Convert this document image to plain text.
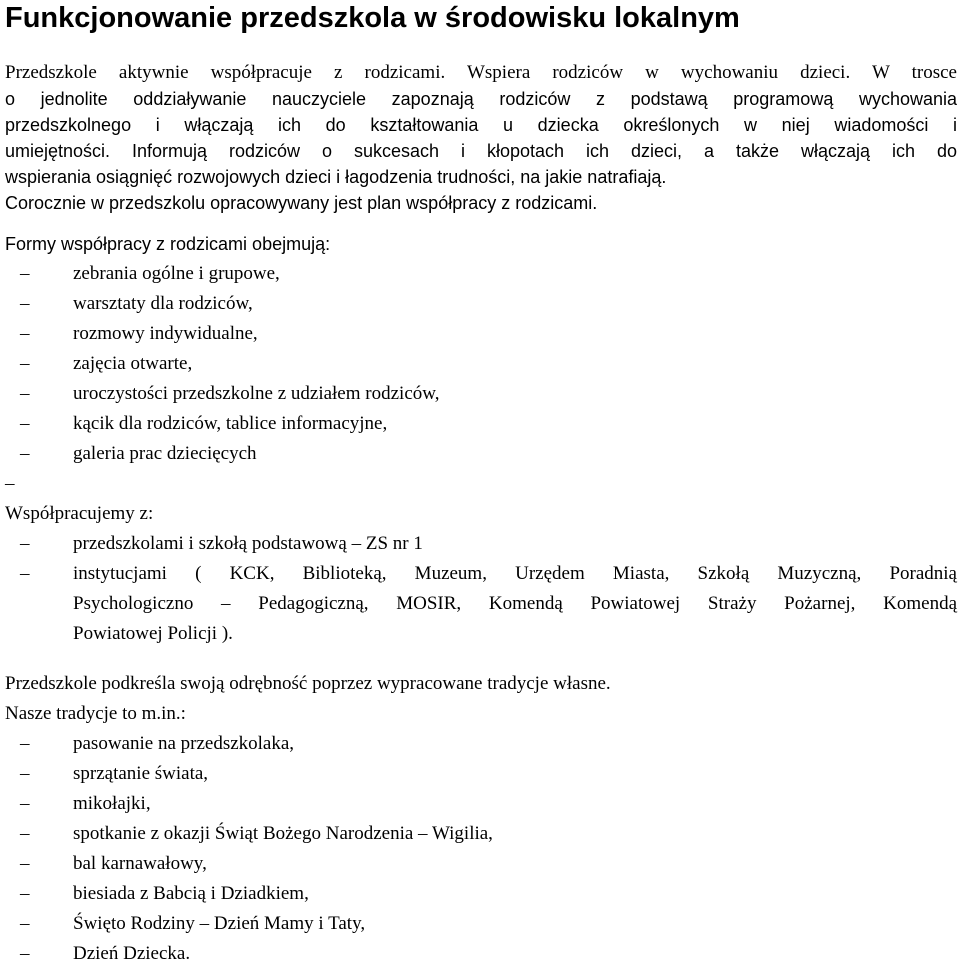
Funkcjonowanie przedszkola w środowisku lokalnym
Przedszkole aktywnie współpracuje z rodzicami. Wspiera rodziców w wychowaniu dzieci. W trosce
o jednolite oddziaływanie nauczyciele zapoznają rodziców z podstawą programową wychowania
przedszkolnego i włączają ich do kształtowania u dziecka określonych w niej wiadomości i
umiejętności. Informują rodziców o sukcesach i kłopotach ich dzieci, a także włączają ich do
wspierania osiągnięć rozwojowych dzieci i łagodzenia trudności, na jakie natrafiają.
Corocznie w przedszkolu opracowywany jest plan współpracy z rodzicami.
Formy współpracy z rodzicami obejmują:
– zebrania ogólne i grupowe,
– warsztaty dla rodziców,
– rozmowy indywidualne,
– zajęcia otwarte,
– uroczystości przedszkolne z udziałem rodziców,
– kącik dla rodziców, tablice informacyjne,
– galeria prac dziecięcych
–
Współpracujemy z:
– przedszkolami i szkołą podstawową – ZS nr 1
– instytucjami ( KCK, Biblioteką, Muzeum, Urzędem Miasta, Szkołą Muzyczną, Poradnią
Psychologiczno – Pedagogiczną, MOSIR, Komendą Powiatowej Straży Pożarnej, Komendą
Powiatowej Policji ).
Przedszkole podkreśla swoją odrębność poprzez wypracowane tradycje własne.
Nasze tradycje to m.in.:
– pasowanie na przedszkolaka,
– sprzątanie świata,
– mikołajki,
– spotkanie z okazji Świąt Bożego Narodzenia – Wigilia,
– bal karnawałowy,
– biesiada z Babcią i Dziadkiem,
– Święto Rodziny – Dzień Mamy i Taty,
– Dzień Dziecka.
